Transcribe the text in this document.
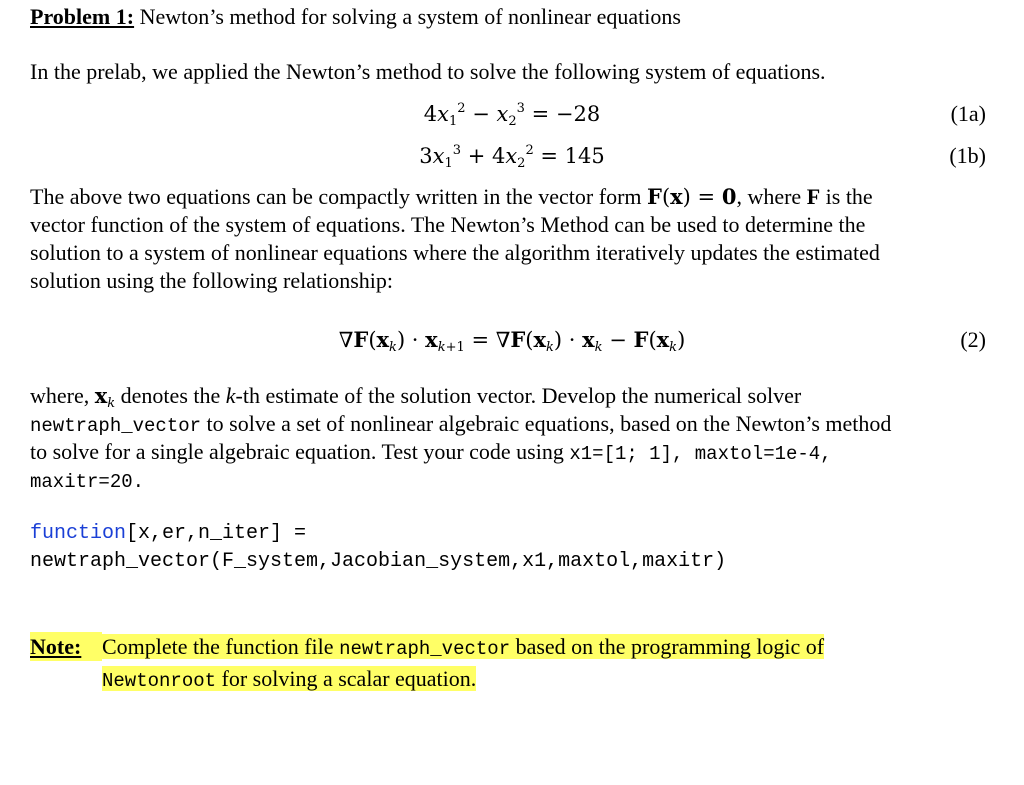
Problem 1: Newton’s method for solving a system of nonlinear equations
In the prelab, we applied the Newton’s method to solve the following system of equations.
$4x_1^2 - x_2^3 = -28$	(1a)
$3x_1^3 + 4x_2^2 = 145$	(1b)
The above two equations can be compactly written in the vector form F(x) = 0, where F is the
vector function of the system of equations. The Newton’s Method can be used to determine the
solution to a system of nonlinear equations where the algorithm iteratively updates the estimated
solution using the following relationship:
$\nabla F(x_k) \cdot x_{k+1} = \nabla F(x_k) \cdot x_k - F(x_k)$	(2)
where, $x_k$ denotes the k-th estimate of the solution vector. Develop the numerical solver
newtraph_vector to solve a set of nonlinear algebraic equations, based on the Newton’s method
to solve for a single algebraic equation. Test your code using x1=[1; 1], maxtol=1e-4,
maxitr=20.
function[x,er,n_iter] =
newtraph_vector(F_system,Jacobian_system,x1,maxtol,maxitr)
Note: Complete the function file newtraph_vector based on the programming logic of
Newtonroot for solving a scalar equation.
